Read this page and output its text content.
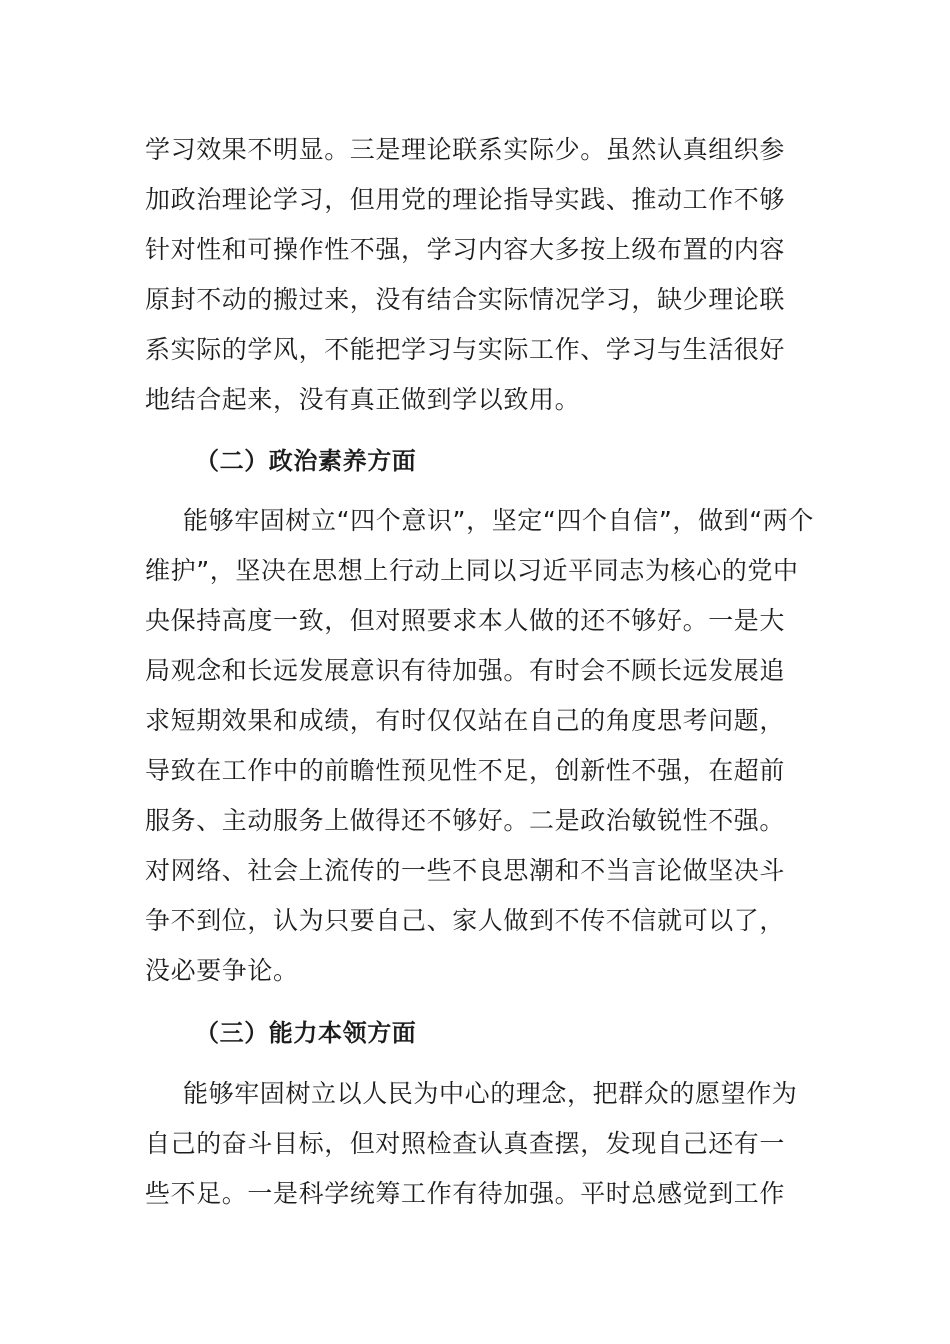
学习效果不明显。三是理论联系实际少。虽然认真组织参
加政治理论学习，但用党的理论指导实践、推动工作不够
针对性和可操作性不强，学习内容大多按上级布置的内容
原封不动的搬过来，没有结合实际情况学习，缺少理论联
系实际的学风，不能把学习与实际工作、学习与生活很好
地结合起来，没有真正做到学以致用。
（二）政治素养方面
能够牢固树立“四个意识”，坚定“四个自信”，做到“两个
维护”，坚决在思想上行动上同以习近平同志为核心的党中
央保持高度一致，但对照要求本人做的还不够好。一是大
局观念和长远发展意识有待加强。有时会不顾长远发展追
求短期效果和成绩，有时仅仅站在自己的角度思考问题，
导致在工作中的前瞻性预见性不足，创新性不强，在超前
服务、主动服务上做得还不够好。二是政治敏锐性不强。
对网络、社会上流传的一些不良思潮和不当言论做坚决斗
争不到位，认为只要自己、家人做到不传不信就可以了，
没必要争论。
（三）能力本领方面
能够牢固树立以人民为中心的理念，把群众的愿望作为
自己的奋斗目标，但对照检查认真查摆，发现自己还有一
些不足。一是科学统筹工作有待加强。平时总感觉到工作
